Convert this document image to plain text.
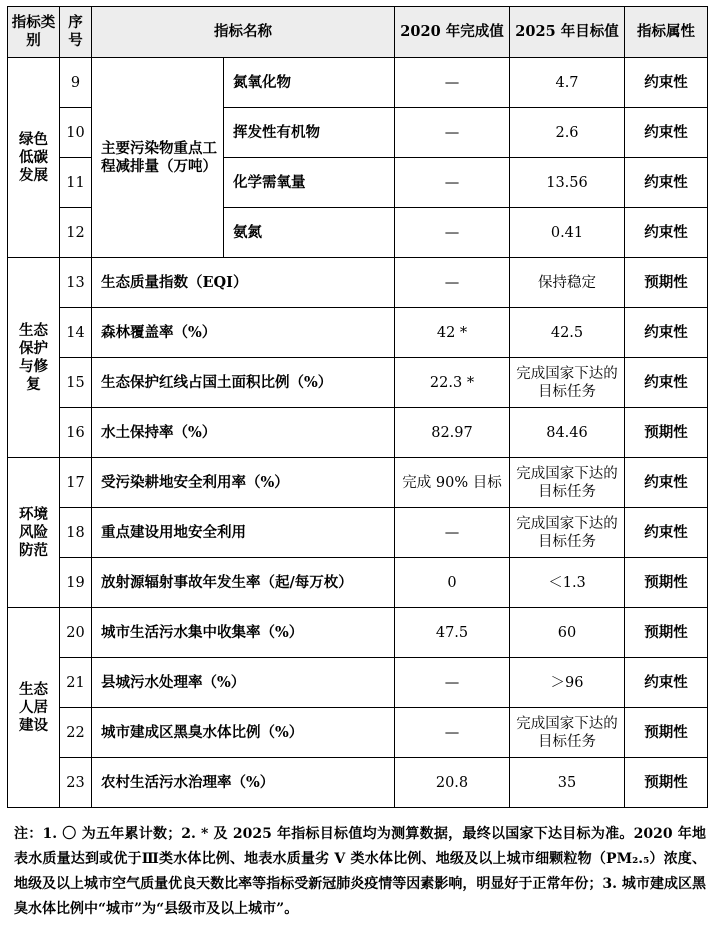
指标类别	序号	指标名称		2020 年完成值	2025 年目标值	指标属性
绿色低碳发展	9	主要污染物重点工程减排量（万吨）	氮氧化物	—	4.7	约束性
	10		挥发性有机物	—	2.6	约束性
	11		化学需氧量	—	13.56	约束性
	12		氨氮	—	0.41	约束性
生态保护与修复	13	生态质量指数（EQI）		—	保持稳定	预期性
	14	森林覆盖率（%）		42 *	42.5	约束性
	15	生态保护红线占国土面积比例（%）		22.3 *	完成国家下达的目标任务	约束性
	16	水土保持率（%）		82.97	84.46	预期性
环境风险防范	17	受污染耕地安全利用率（%）		完成 90% 目标	完成国家下达的目标任务	约束性
	18	重点建设用地安全利用		—	完成国家下达的目标任务	约束性
	19	放射源辐射事故年发生率（起/每万枚）		0	＜1.3	预期性
生态人居建设	20	城市生活污水集中收集率（%）		47.5	60	预期性
	21	县城污水处理率（%）		—	＞96	约束性
	22	城市建成区黑臭水体比例（%）		—	完成国家下达的目标任务	预期性
	23	农村生活污水治理率（%）		20.8	35	预期性
注：1. 〇 为五年累计数；2. * 及 2025 年指标目标值均为测算数据，最终以国家下达目标为准。2020 年地表水质量达到或优于Ⅲ类水体比例、地表水质量劣 Ⅴ 类水体比例、地级及以上城市细颗粒物（PM₂.₅）浓度、地级及以上城市空气质量优良天数比率等指标受新冠肺炎疫情等因素影响，明显好于正常年份；3. 城市建成区黑臭水体比例中“城市”为“县级市及以上城市”。
